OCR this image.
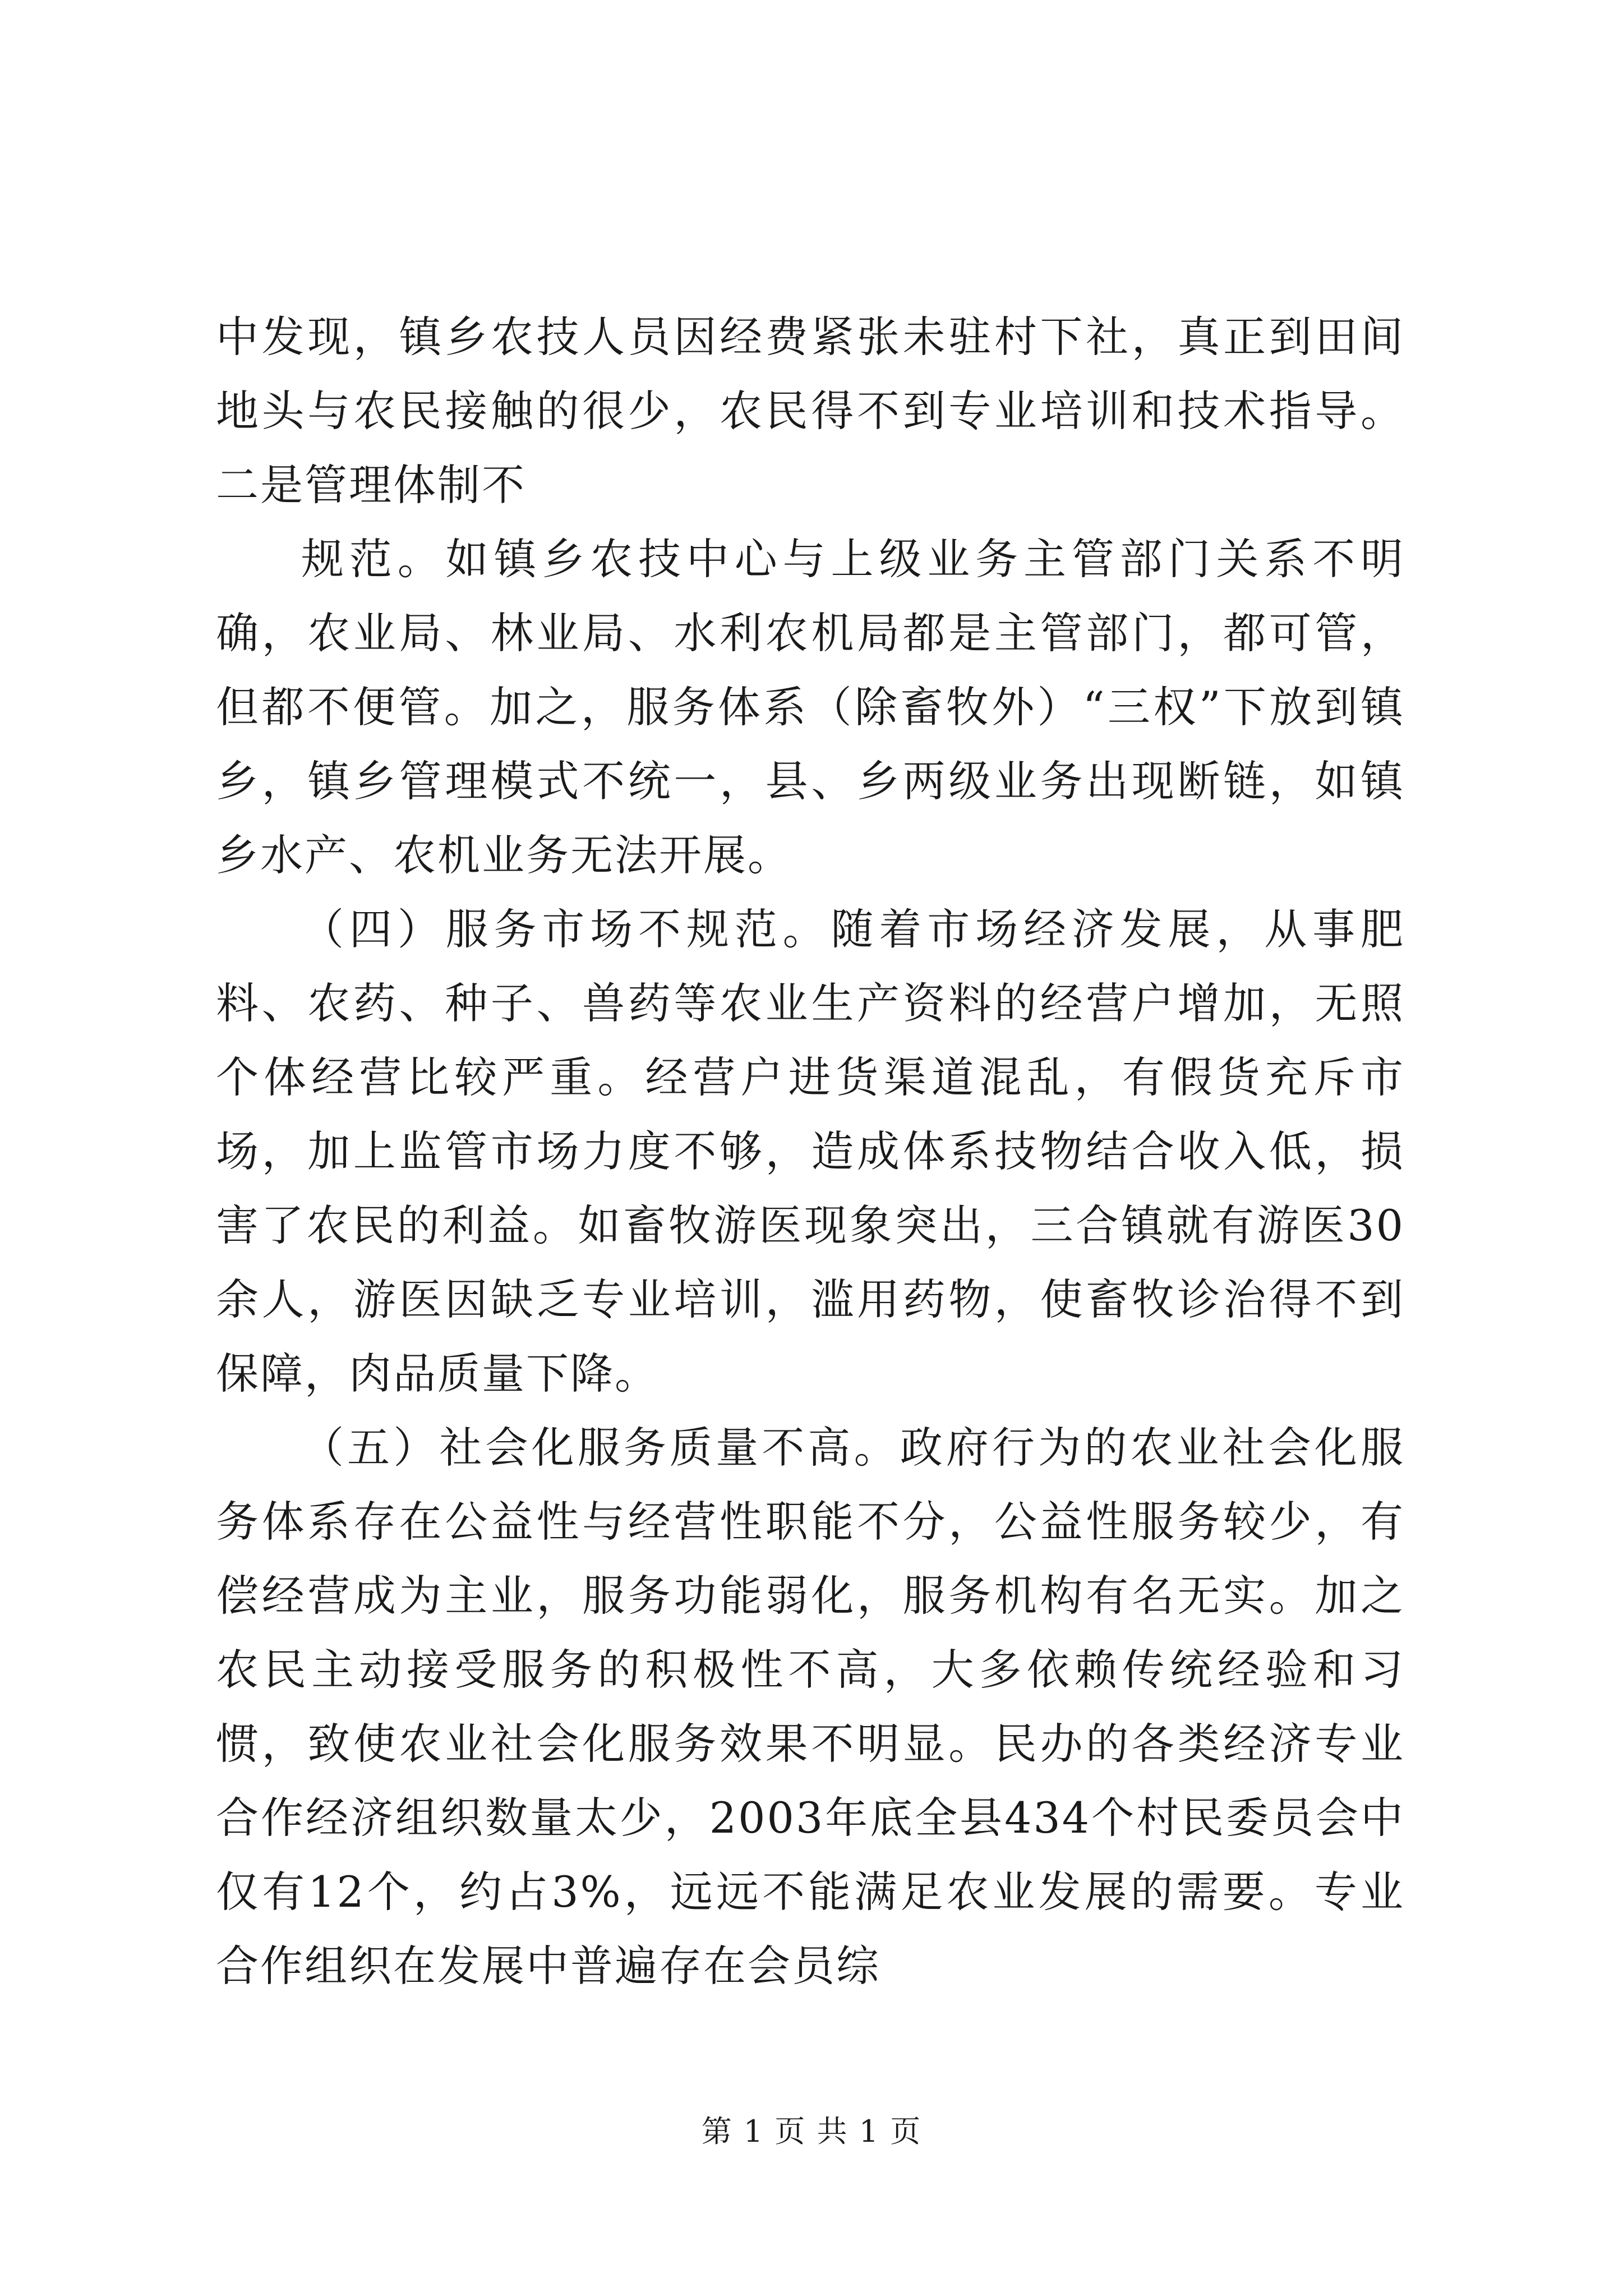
中发现，镇乡农技人员因经费紧张未驻村下社，真正到田间地头与农民接触的很少，农民得不到专业培训和技术指导。二是管理体制不

规范。如镇乡农技中心与上级业务主管部门关系不明确，农业局、林业局、水利农机局都是主管部门，都可管，但都不便管。加之，服务体系（除畜牧外）“三权”下放到镇乡，镇乡管理模式不统一，县、乡两级业务出现断链，如镇乡水产、农机业务无法开展。

（四）服务市场不规范。随着市场经济发展，从事肥料、农药、种子、兽药等农业生产资料的经营户增加，无照个体经营比较严重。经营户进货渠道混乱，有假货充斥市场，加上监管市场力度不够，造成体系技物结合收入低，损害了农民的利益。如畜牧游医现象突出，三合镇就有游医30余人，游医因缺乏专业培训，滥用药物，使畜牧诊治得不到保障，肉品质量下降。

（五）社会化服务质量不高。政府行为的农业社会化服务体系存在公益性与经营性职能不分，公益性服务较少，有偿经营成为主业，服务功能弱化，服务机构有名无实。加之农民主动接受服务的积极性不高，大多依赖传统经验和习惯，致使农业社会化服务效果不明显。民办的各类经济专业合作经济组织数量太少，2003年底全县434个村民委员会中仅有12个，约占3%，远远不能满足农业发展的需要。专业合作组织在发展中普遍存在会员综

第 1 页 共 1 页
